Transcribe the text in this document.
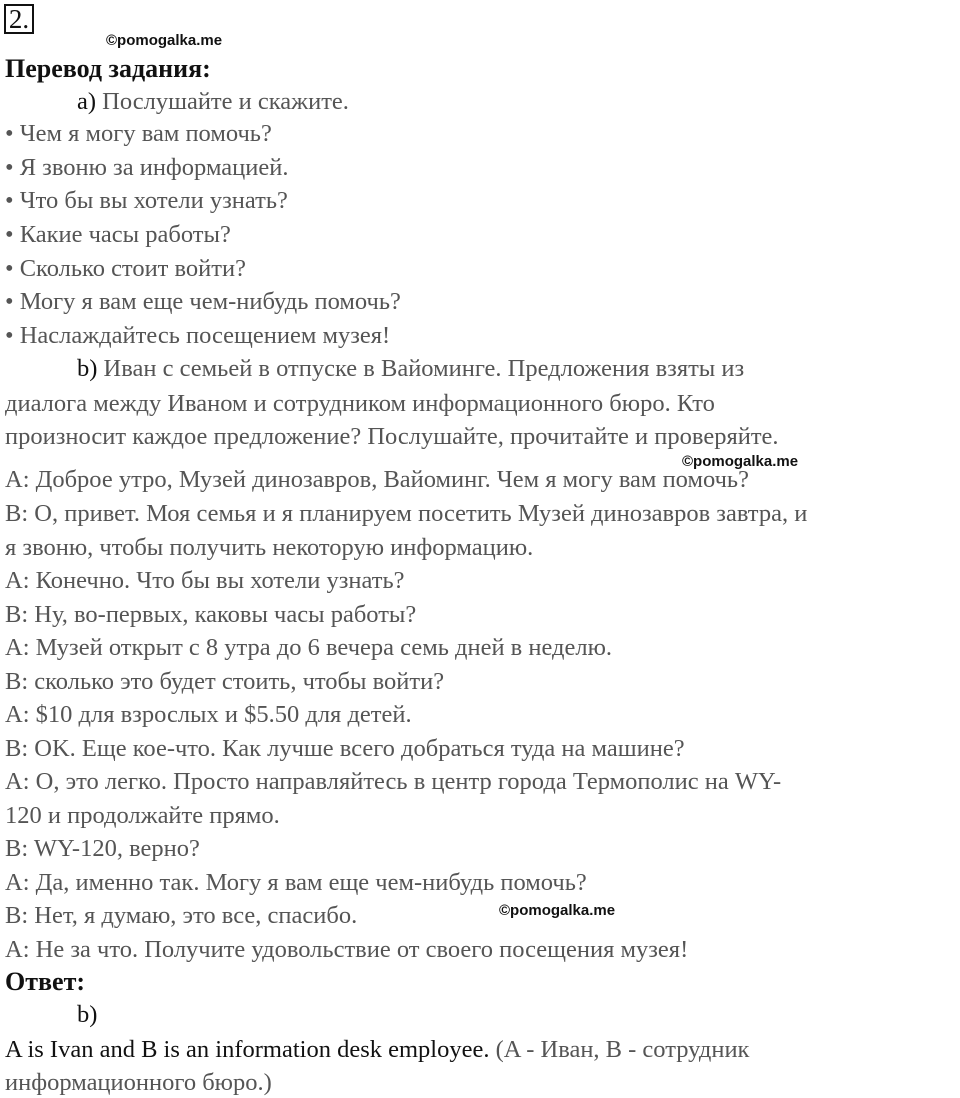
2.
©pomogalka.me
©pomogalka.me
©pomogalka.me
Перевод задания:
a) Послушайте и скажите.
• Чем я могу вам помочь?
• Я звоню за информацией.
• Что бы вы хотели узнать?
• Какие часы работы?
• Сколько стоит войти?
• Могу я вам еще чем-нибудь помочь?
• Наслаждайтесь посещением музея!
b) Иван с семьей в отпуске в Вайоминге. Предложения взяты из
диалога между Иваном и сотрудником информационного бюро. Кто
произносит каждое предложение? Послушайте, прочитайте и проверяйте.
A: Доброе утро, Музей динозавров, Вайоминг. Чем я могу вам помочь?
B: О, привет. Моя семья и я планируем посетить Музей динозавров завтра, и
я звоню, чтобы получить некоторую информацию.
A: Конечно. Что бы вы хотели узнать?
B: Ну, во-первых, каковы часы работы?
A: Музей открыт с 8 утра до 6 вечера семь дней в неделю.
B: сколько это будет стоить, чтобы войти?
A: $10 для взрослых и $5.50 для детей.
B: OK. Еще кое-что. Как лучше всего добраться туда на машине?
A: О, это легко. Просто направляйтесь в центр города Термополис на WY-
120 и продолжайте прямо.
B: WY-120, верно?
A: Да, именно так. Могу я вам еще чем-нибудь помочь?
B: Нет, я думаю, это все, спасибо.
A: Не за что. Получите удовольствие от своего посещения музея!
Ответ:
b)
A is Ivan and B is an information desk employee. (A - Иван, B - сотрудник
информационного бюро.)
